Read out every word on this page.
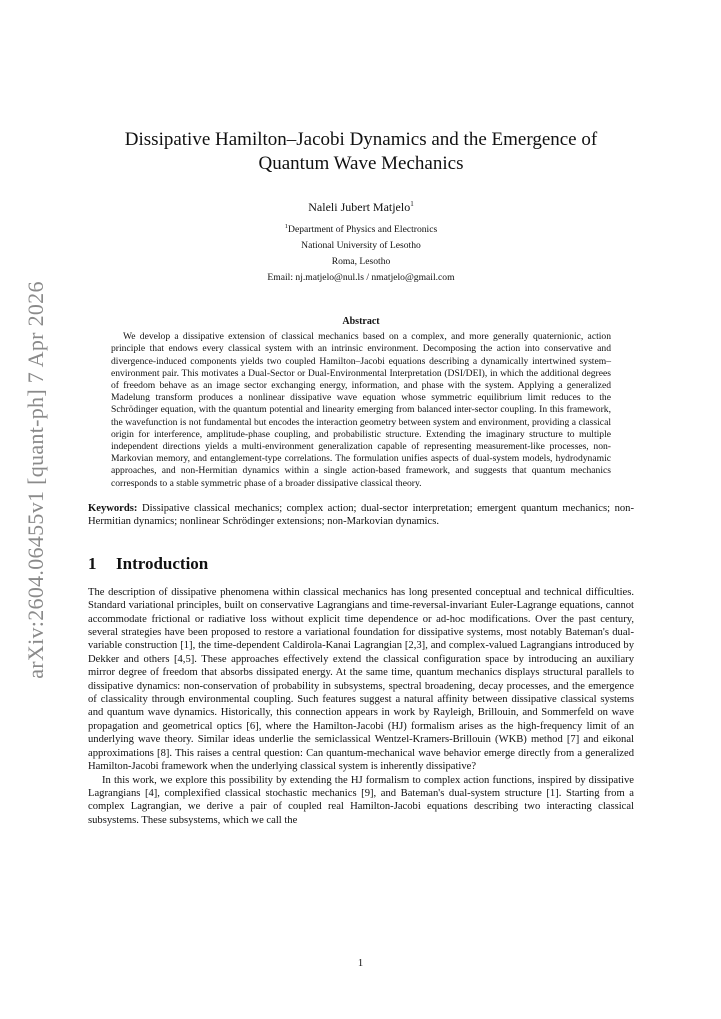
arXiv:2604.06455v1 [quant-ph] 7 Apr 2026
Dissipative Hamilton–Jacobi Dynamics and the Emergence of Quantum Wave Mechanics

Naleli Jubert Matjelo$^1$

$^1$Department of Physics and Electronics

National University of Lesotho

Roma, Lesotho

Email: nj.matjelo@nul.ls / nmatjelo@gmail.com

Abstract

We develop a dissipative extension of classical mechanics based on a complex, and more generally quaternionic, action principle that endows every classical system with an intrinsic environment. Decomposing the action into conservative and divergence-induced components yields two coupled Hamilton–Jacobi equations describing a dynamically intertwined system–environment pair. This motivates a Dual-Sector or Dual-Environmental Interpretation (DSI/DEI), in which the additional degrees of freedom behave as an image sector exchanging energy, information, and phase with the system. Applying a generalized Madelung transform produces a nonlinear dissipative wave equation whose symmetric equilibrium limit reduces to the Schrödinger equation, with the quantum potential and linearity emerging from balanced inter-sector coupling. In this framework, the wavefunction is not fundamental but encodes the interaction geometry between system and environment, providing a classical origin for interference, amplitude-phase coupling, and probabilistic structure. Extending the imaginary structure to multiple independent directions yields a multi-environment generalization capable of representing measurement-like processes, non-Markovian memory, and entanglement-type correlations. The formulation unifies aspects of dual-system models, hydrodynamic approaches, and non-Hermitian dynamics within a single action-based framework, and suggests that quantum mechanics corresponds to a stable symmetric phase of a broader dissipative classical theory.

Keywords: Dissipative classical mechanics; complex action; dual-sector interpretation; emergent quantum mechanics; non-Hermitian dynamics; nonlinear Schrödinger extensions; non-Markovian dynamics.

1 Introduction

The description of dissipative phenomena within classical mechanics has long presented conceptual and technical difficulties. Standard variational principles, built on conservative Lagrangians and time-reversal-invariant Euler-Lagrange equations, cannot accommodate frictional or radiative loss without explicit time dependence or ad-hoc modifications. Over the past century, several strategies have been proposed to restore a variational foundation for dissipative systems, most notably Bateman's dual-variable construction [1], the time-dependent Caldirola-Kanai Lagrangian [2,3], and complex-valued Lagrangians introduced by Dekker and others [4,5]. These approaches effectively extend the classical configuration space by introducing an auxiliary mirror degree of freedom that absorbs dissipated energy. At the same time, quantum mechanics displays structural parallels to dissipative dynamics: non-conservation of probability in subsystems, spectral broadening, decay processes, and the emergence of classicality through environmental coupling. Such features suggest a natural affinity between dissipative classical systems and quantum wave dynamics. Historically, this connection appears in work by Rayleigh, Brillouin, and Sommerfeld on wave propagation and geometrical optics [6], where the Hamilton-Jacobi (HJ) formalism arises as the high-frequency limit of an underlying wave theory. Similar ideas underlie the semiclassical Wentzel-Kramers-Brillouin (WKB) method [7] and eikonal approximations [8]. This raises a central question: Can quantum-mechanical wave behavior emerge directly from a generalized Hamilton-Jacobi framework when the underlying classical system is inherently dissipative?

In this work, we explore this possibility by extending the HJ formalism to complex action functions, inspired by dissipative Lagrangians [4], complexified classical stochastic mechanics [9], and Bateman's dual-system structure [1]. Starting from a complex Lagrangian, we derive a pair of coupled real Hamilton-Jacobi equations describing two interacting classical subsystems. These subsystems, which we call the

1
